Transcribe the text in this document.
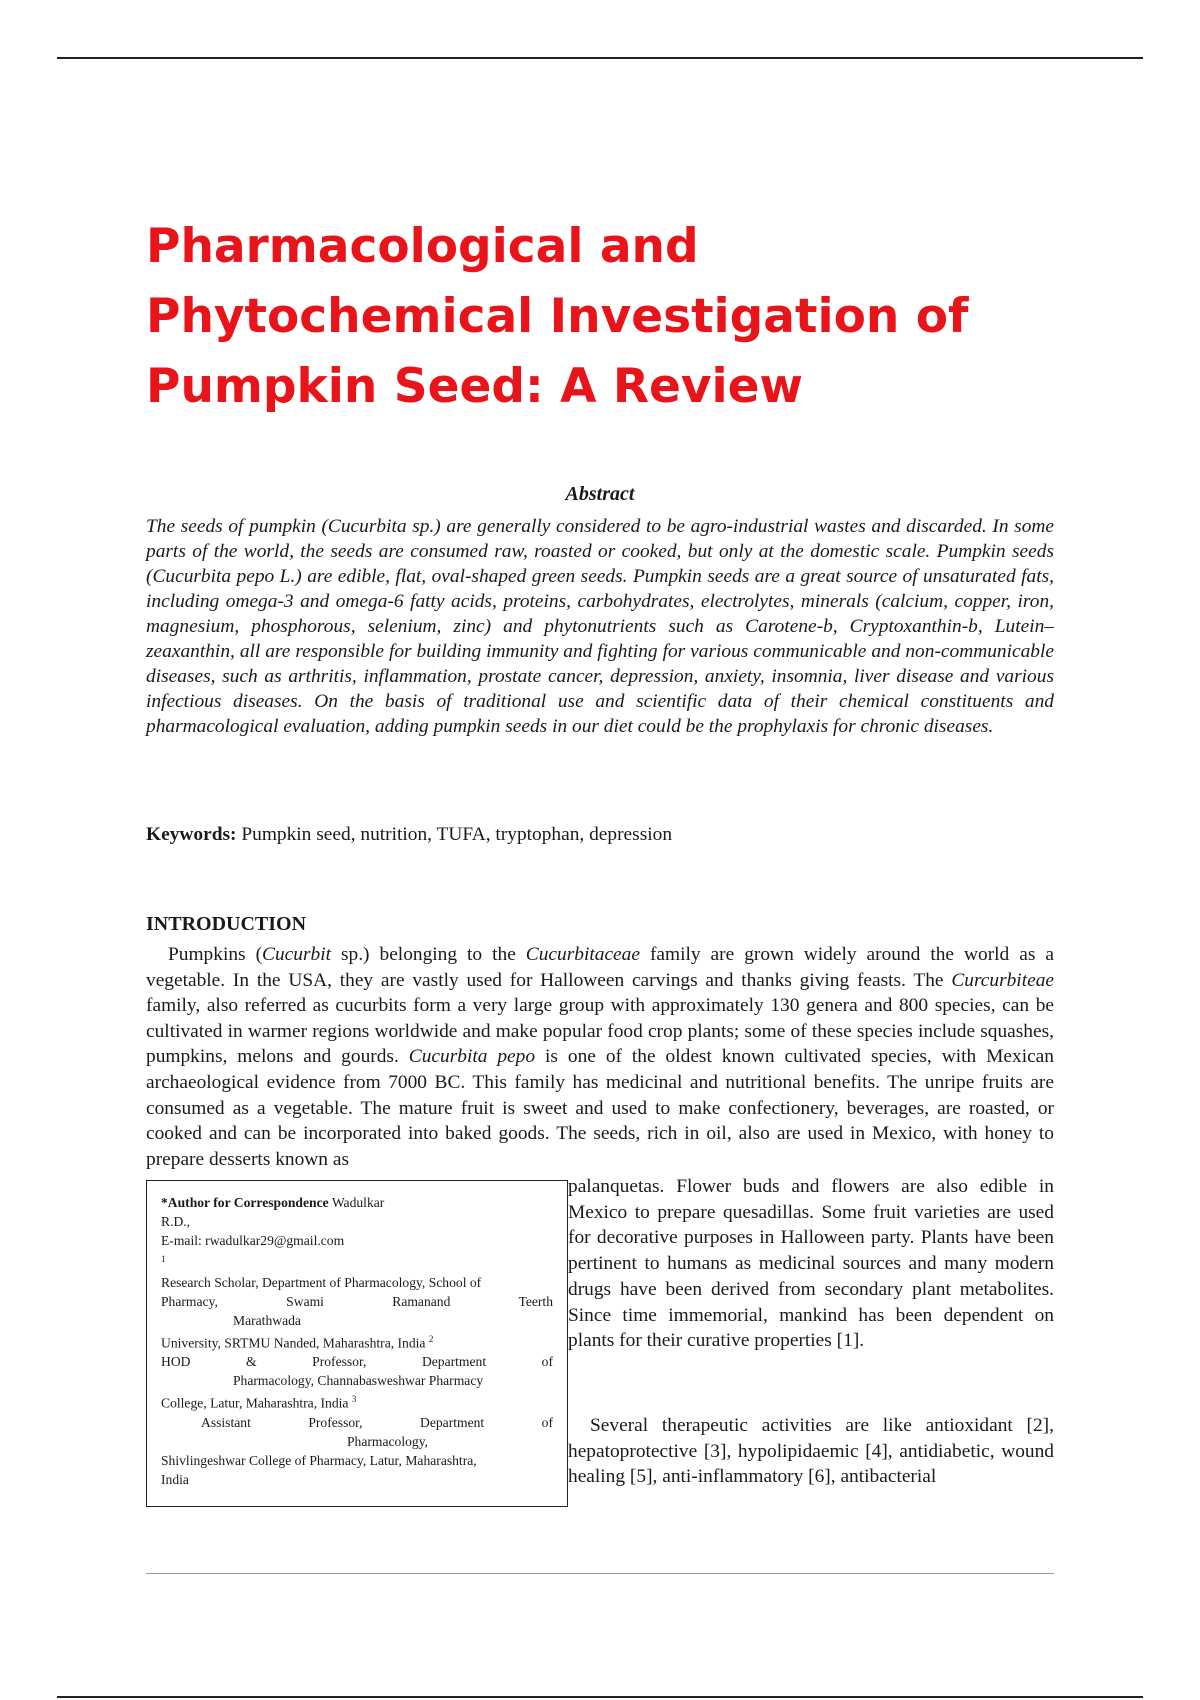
Pharmacological and
Phytochemical Investigation of
Pumpkin Seed: A Review
Abstract

The seeds of pumpkin (Cucurbita sp.) are generally considered to be agro-industrial wastes and discarded. In some parts of the world, the seeds are consumed raw, roasted or cooked, but only at the domestic scale. Pumpkin seeds (Cucurbita pepo L.) are edible, flat, oval-shaped green seeds. Pumpkin seeds are a great source of unsaturated fats, including omega-3 and omega-6 fatty acids, proteins, carbohydrates, electrolytes, minerals (calcium, copper, iron, magnesium, phosphorous, selenium, zinc) and phytonutrients such as Carotene-b, Cryptoxanthin-b, Lutein–zeaxanthin, all are responsible for building immunity and fighting for various communicable and non-communicable diseases, such as arthritis, inflammation, prostate cancer, depression, anxiety, insomnia, liver disease and various infectious diseases. On the basis of traditional use and scientific data of their chemical constituents and pharmacological evaluation, adding pumpkin seeds in our diet could be the prophylaxis for chronic diseases.

Keywords: Pumpkin seed, nutrition, TUFA, tryptophan, depression

INTRODUCTION

Pumpkins (Cucurbit sp.) belonging to the Cucurbitaceae family are grown widely around the world as a vegetable. In the USA, they are vastly used for Halloween carvings and thanks giving feasts. The Curcurbiteae family, also referred as cucurbits form a very large group with approximately 130 genera and 800 species, can be cultivated in warmer regions worldwide and make popular food crop plants; some of these species include squashes, pumpkins, melons and gourds. Cucurbita pepo is one of the oldest known cultivated species, with Mexican archaeological evidence from 7000 BC. This family has medicinal and nutritional benefits. The unripe fruits are consumed as a vegetable. The mature fruit is sweet and used to make confectionery, beverages, are roasted, or cooked and can be incorporated into baked goods. The seeds, rich in oil, also are used in Mexico, with honey to prepare desserts known as

*Author for Correspondence Wadulkar

R.D.,

E-mail: rwadulkar29@gmail.com

$^1$

Research Scholar, Department of Pharmacology, School of

Pharmacy, Swami Ramanand Teerth

Marathwada

University, SRTMU Nanded, Maharashtra, India $^2$

HOD & Professor, Department of

Pharmacology, Channabasweshwar Pharmacy

College, Latur, Maharashtra, India $^3$

Assistant Professor, Department of

Pharmacology,

Shivlingeshwar College of Pharmacy, Latur, Maharashtra,

India

palanquetas. Flower buds and flowers are also edible in Mexico to prepare quesadillas. Some fruit varieties are used for decorative purposes in Halloween party. Plants have been pertinent to humans as medicinal sources and many modern drugs have been derived from secondary plant metabolites. Since time immemorial, mankind has been dependent on plants for their curative properties [1].

Several therapeutic activities are like antioxidant [2], hepatoprotective [3], hypolipidaemic [4], antidiabetic, wound healing [5], anti-inflammatory [6], antibacterial
